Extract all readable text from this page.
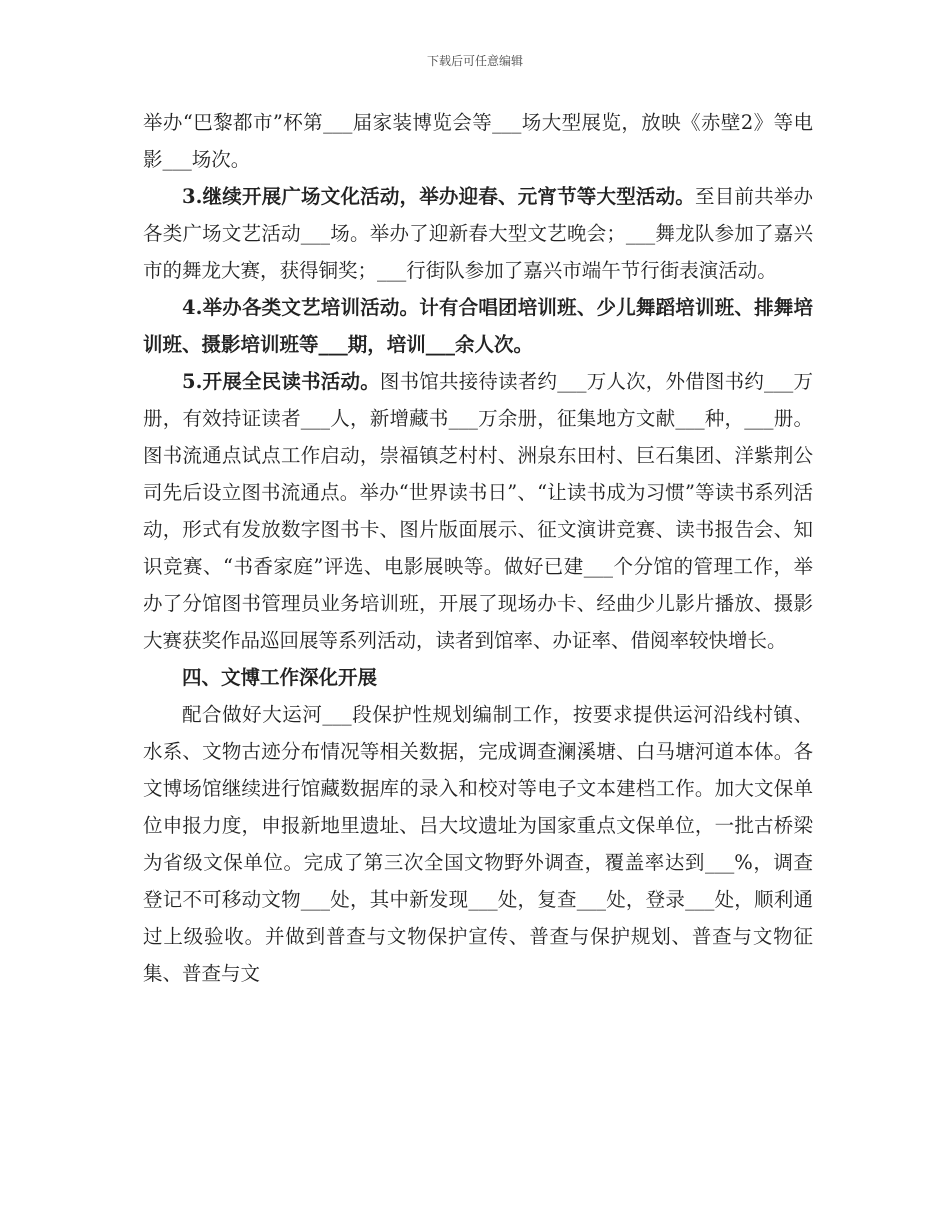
下载后可任意编辑

举办“巴黎都市”杯第___届家装博览会等___场大型展览，放映《赤壁2》等电影___场次。

3.继续开展广场文化活动，举办迎春、元宵节等大型活动。至目前共举办各类广场文艺活动___场。举办了迎新春大型文艺晚会；___舞龙队参加了嘉兴市的舞龙大赛，获得铜奖；___行街队参加了嘉兴市端午节行街表演活动。

4.举办各类文艺培训活动。计有合唱团培训班、少儿舞蹈培训班、排舞培训班、摄影培训班等___期，培训___余人次。

5.开展全民读书活动。图书馆共接待读者约___万人次，外借图书约___万册，有效持证读者___人，新增藏书___万余册，征集地方文献___种，___册。图书流通点试点工作启动，崇福镇芝村村、洲泉东田村、巨石集团、洋紫荆公司先后设立图书流通点。举办“世界读书日”、“让读书成为习惯”等读书系列活动，形式有发放数字图书卡、图片版面展示、征文演讲竞赛、读书报告会、知识竞赛、“书香家庭”评选、电影展映等。做好已建___个分馆的管理工作，举办了分馆图书管理员业务培训班，开展了现场办卡、经曲少儿影片播放、摄影大赛获奖作品巡回展等系列活动，读者到馆率、办证率、借阅率较快增长。

四、文博工作深化开展

配合做好大运河___段保护性规划编制工作，按要求提供运河沿线村镇、水系、文物古迹分布情况等相关数据，完成调查澜溪塘、白马塘河道本体。各文博场馆继续进行馆藏数据库的录入和校对等电子文本建档工作。加大文保单位申报力度，申报新地里遗址、吕大坟遗址为国家重点文保单位，一批古桥梁为省级文保单位。完成了第三次全国文物野外调查，覆盖率达到___%，调查登记不可移动文物___处，其中新发现___处，复查___处，登录___处，顺利通过上级验收。并做到普查与文物保护宣传、普查与保护规划、普查与文物征集、普查与文
